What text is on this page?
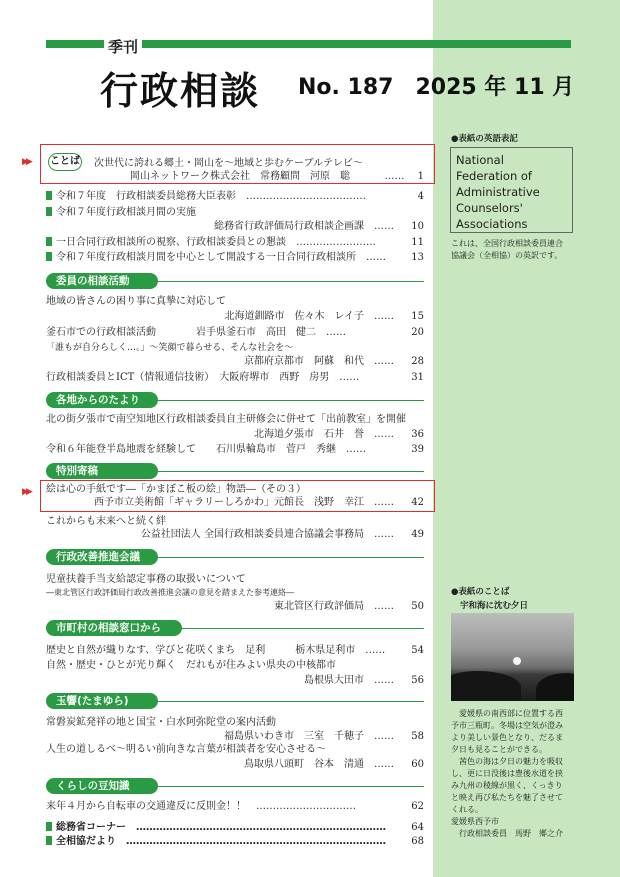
季刊
行政相談 No. 187　2025 年 11 月
▶▶
▶▶
ことば 次世代に誇れる郷土・岡山を～地域と歩むケーブルテレビ～
岡山ネットワーク株式会社　常務顧問　河原　聡	……　 1
令和７年度　行政相談委員総務大臣表彰　………………………………	4
令和７年度行政相談月間の実施
総務省行政評価局行政相談企画課　……	10
一日合同行政相談所の視察、行政相談委員との懇談　……………………	11
令和７年度行政相談月間を中心として開設する一日合同行政相談所　……	13
委員の相談活動
地域の皆さんの困り事に真摯に対応して
北海道釧路市　佐々木　レイ子　……	15
釜石市での行政相談活動　　　　岩手県釜石市　高田　健二　……	20
「誰もが自分らしく…。」～笑顔で暮らせる、そんな社会を～
京都府京都市　阿蘇　和代　……	28
行政相談委員とICT（情報通信技術）　大阪府堺市　西野　房男　……	31
各地からのたより
北の街夕張市で南空知地区行政相談委員自主研修会に併せて「出前教室」を開催
北海道夕張市　石井　誉　……	36
令和６年能登半島地震を経験して　　石川県輪島市　菅戸　秀継　……	39
特別寄稿
絵は心の手紙です―「かまぼこ板の絵」物語―（その３）
西予市立美術館「ギャラリーしろかわ」元館長　浅野　幸江　……	42
これからも末来へと続く絆
公益社団法人 全国行政相談委員連合協議会事務局　……	49
行政改善推進会議
児童扶養手当支給認定事務の取扱いについて
―東北管区行政評価局行政改善推進会議の意見を踏まえた参考連絡―
東北管区行政評価局　……	50
市町村の相談窓口から
歴史と自然が織りなす、学びと花咲くまち　足利　　　栃木県足利市　……	54
自然・歴史・ひとが光り輝く　だれもが住みよい県央の中核都市
島根県大田市　……	56
玉響(たまゆら)
常磐炭鉱発祥の地と国宝・白水阿弥陀堂の案内活動
福島県いわき市　三室　千穂子　……	58
人生の道しるべ～明るい前向きな言葉が相談者を安心させる～
鳥取県八頭町　谷本　清通　……	60
くらしの豆知識
来年４月から自転車の交通違反に反則金！！　…………………………	62
総務省コーナー　…………………………………………………………………	64
全相協だより　……………………………………………………………………	68
●表紙の英語表記
National
Federation of
Administrative
Counselors'
Associations
これは、全国行政相談委員連合
協議会（全相協）の英訳です。
●表紙のことば
宇和海に沈む夕日
　愛媛県の南西部に位置する西
予市三瓶町。冬場は空気が澄み
より美しい景色となり、だるま
夕日も見ることができる。
　茜色の海は夕日の魅力を吸収
し、更に日没後は豊後水道を挟
み九州の稜線が黒く、くっきり
と映え再び私たちを魅了させて
くれる。
愛媛県西予市
　行政相談委員　馬野　郷之介
